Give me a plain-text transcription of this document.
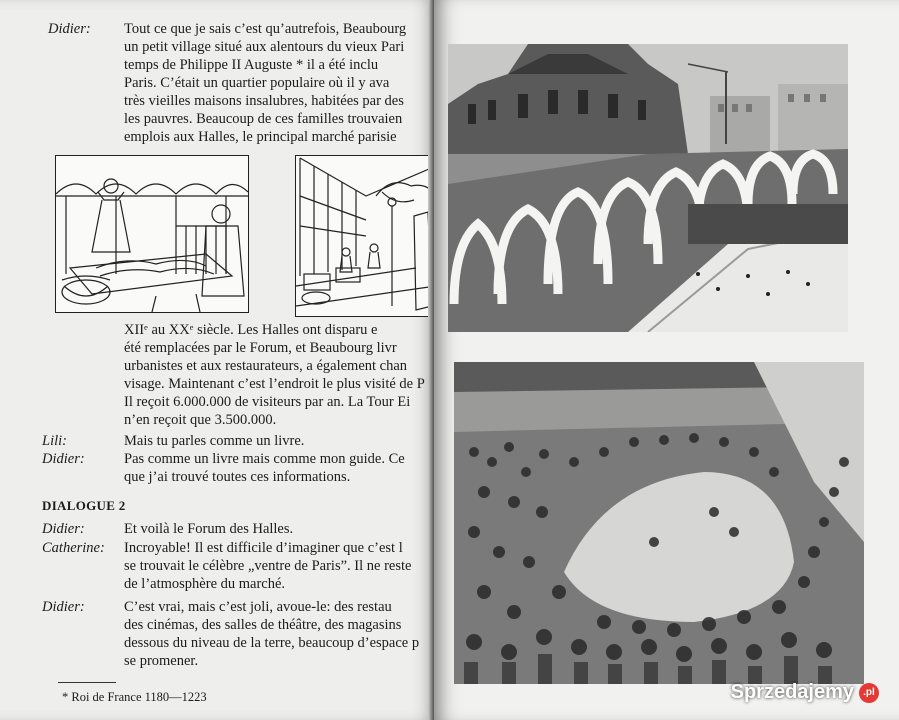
Didier: Tout ce que je sais c’est qu’autrefois, Beaubourg
un petit village situé aux alentours du vieux Pari
temps de Philippe II Auguste * il a été inclu
Paris. C’était un quartier populaire où il y ava
très vieilles maisons insalubres, habitées par des
les pauvres. Beaucoup de ces familles trouvaien
emplois aux Halles, le principal marché parisie
XIIᵉ au XXᵉ siècle. Les Halles ont disparu e
été remplacées par le Forum, et Beaubourg livr
urbanistes et aux restaurateurs, a également chan
visage. Maintenant c’est l’endroit le plus visité de P
Il reçoit 6.000.000 de visiteurs par an. La Tour Ei
n’en reçoit que 3.500.000.
Lili:	Mais tu parles comme un livre.
Didier:	Pas comme un livre mais comme mon guide. Ce
que j’ai trouvé toutes ces informations.
DIALOGUE 2
Didier:	Et voilà le Forum des Halles.
Catherine: Incroyable! Il est difficile d’imaginer que c’est l
se trouvait le célèbre „ventre de Paris”. Il ne reste
de l’atmosphère du marché.
Didier:	C’est vrai, mais c’est joli, avoue-le: des restau
des cinémas, des salles de théâtre, des magasins
dessous du niveau de la terre, beaucoup d’espace p
se promener.
* Roi de France 1180—1223	Sprzedajemy .pl
